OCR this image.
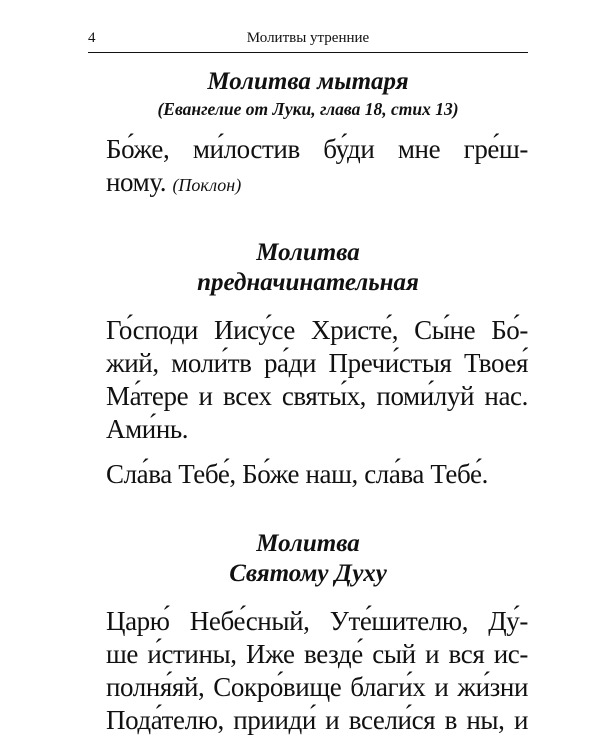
4	Молитвы утренние

Молитва мытаря

(Евангелие от Луки, глава 18, стих 13)

Бо́же, ми́лостив бу́ди мне гре́ш-
ному. (Поклон)

Молитва

предначинательная

Го́споди Иису́се Христе́, Сы́не Бо́-
жий, моли́тв ра́ди Пречи́стыя Твоея́
Ма́тере и всех святы́х, поми́луй нас.
Ами́нь.

Сла́ва Тебе́, Бо́же наш, сла́ва Тебе́.

Молитва

Святому Духу

Царю́ Небе́сный, Уте́шителю, Ду́-
ше и́стины, Иже везде́ сый и вся ис-
полня́яй, Сокро́вище благи́х и жи́зни
Пода́телю, прииди́ и всели́ся в ны, и
